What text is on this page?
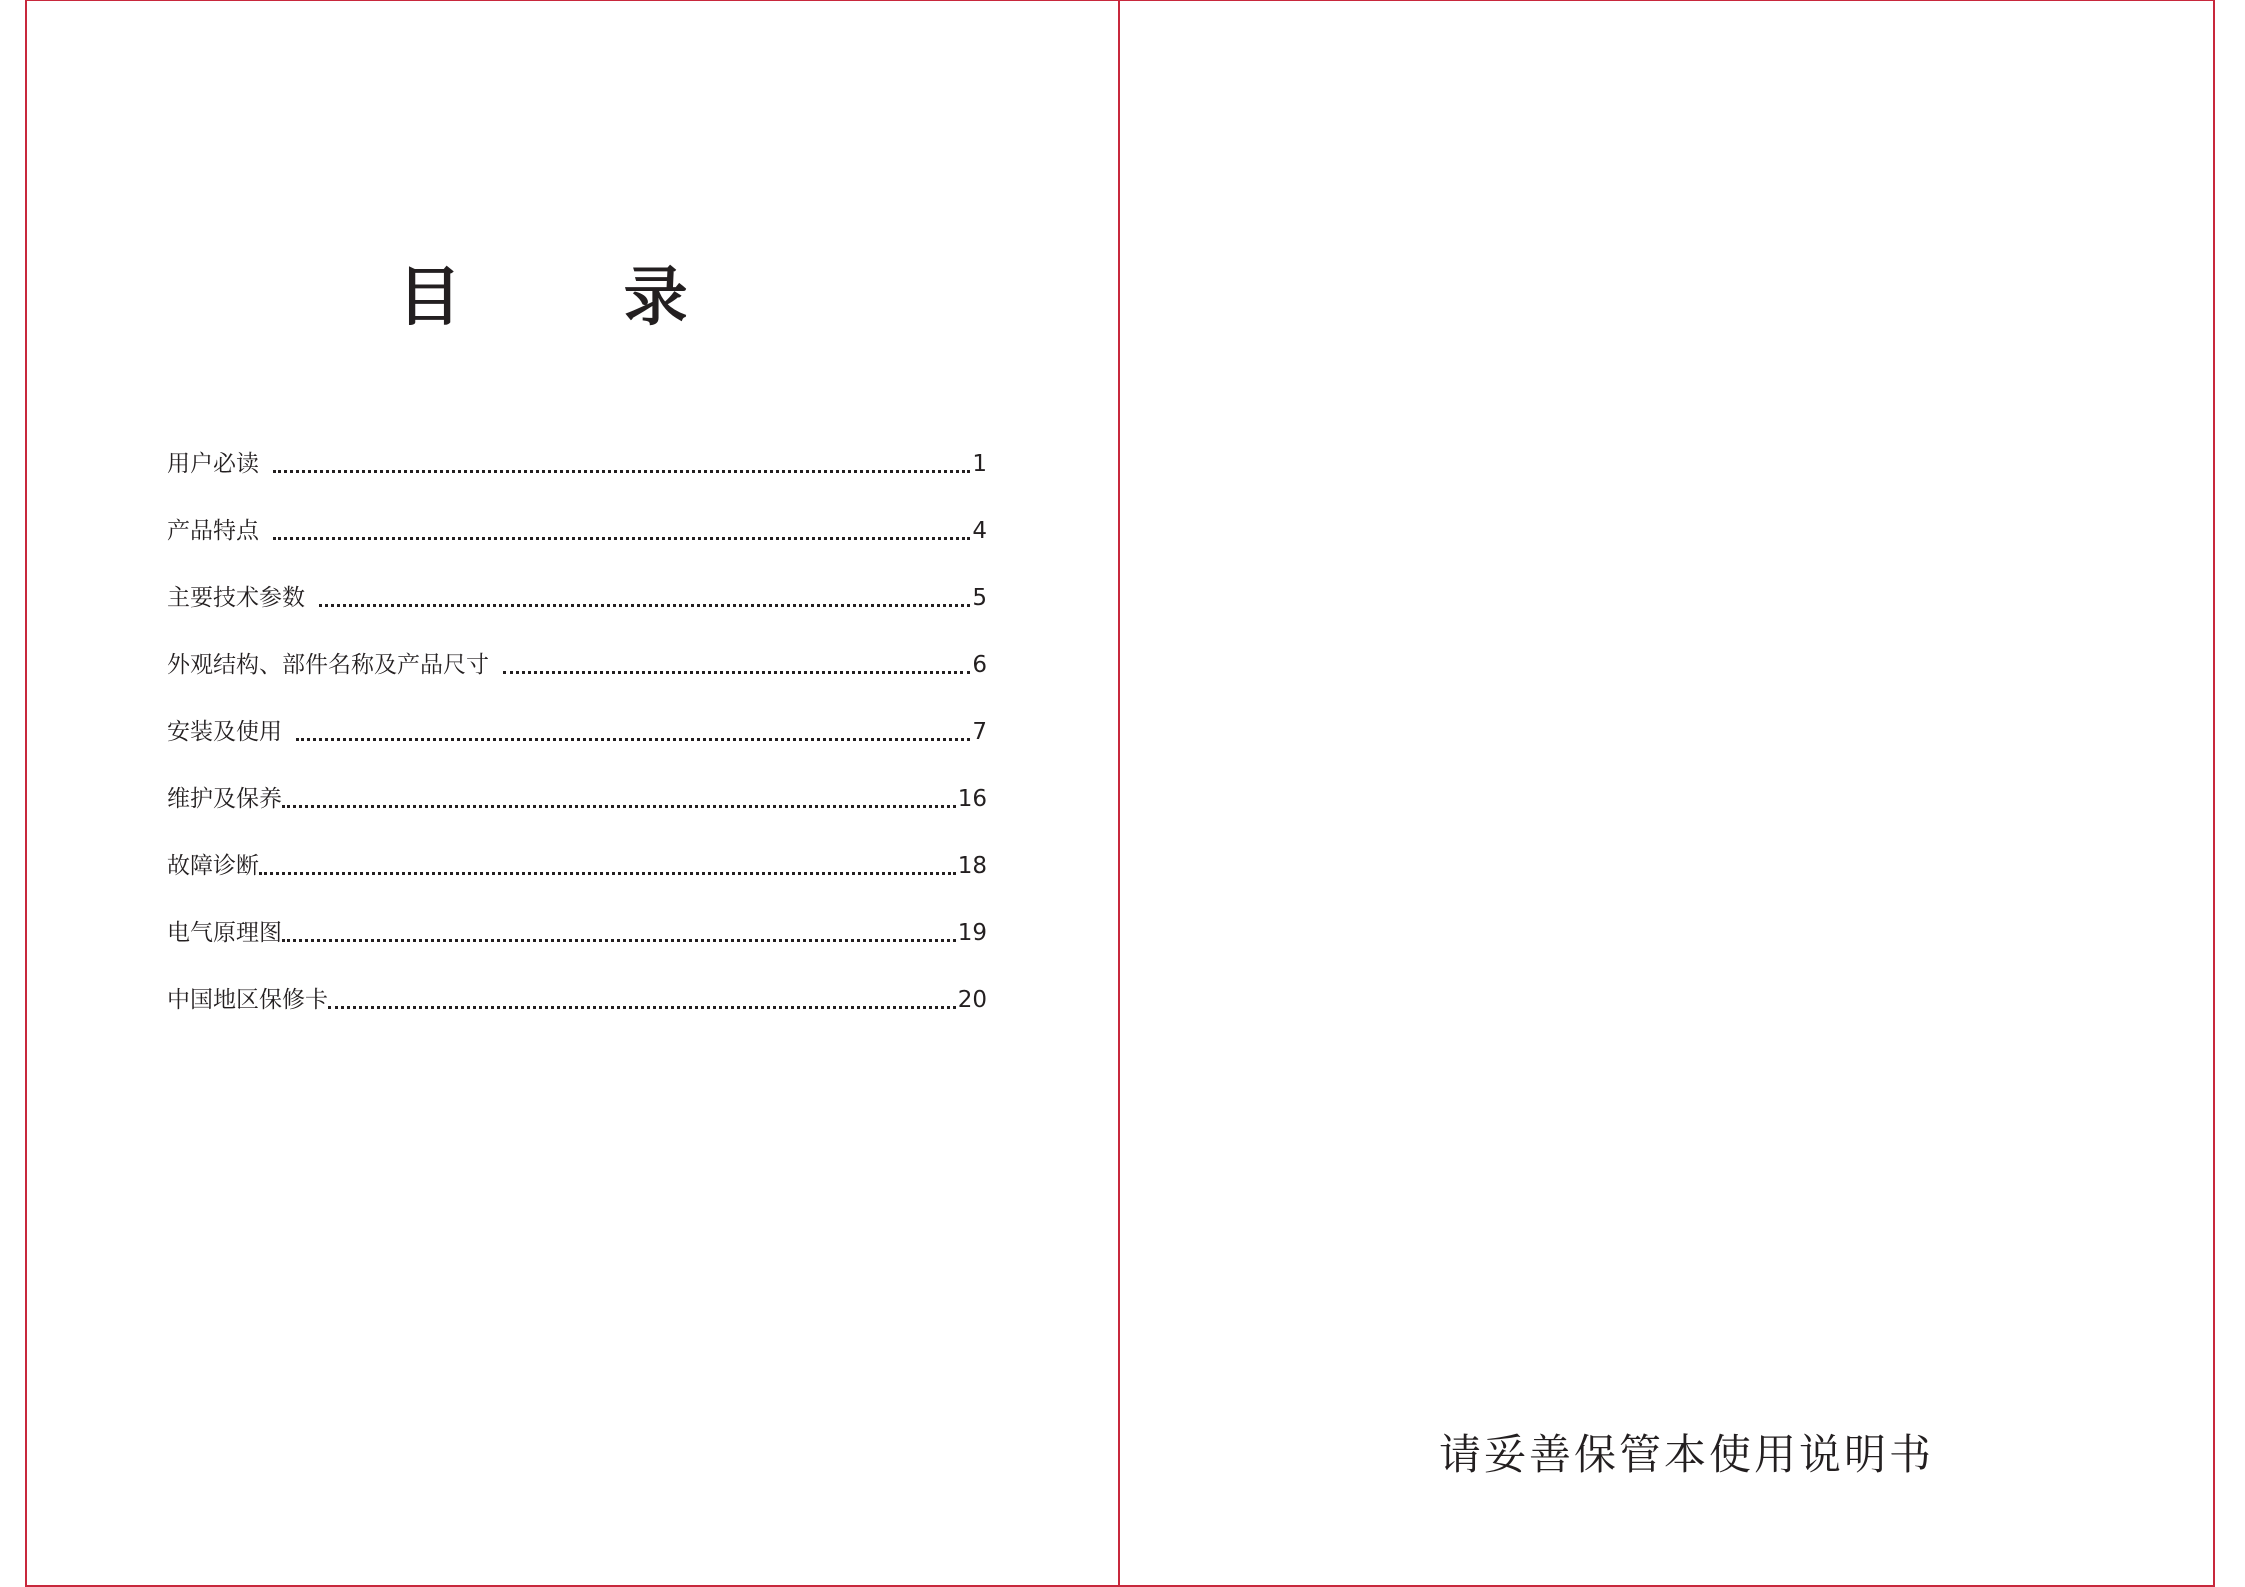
目 录
用户必读	1
产品特点	4
主要技术参数	5
外观结构、部件名称及产品尺寸	6
安装及使用	7
维护及保养	16
故障诊断	18
电气原理图	19
中国地区保修卡	20
请妥善保管本使用说明书
